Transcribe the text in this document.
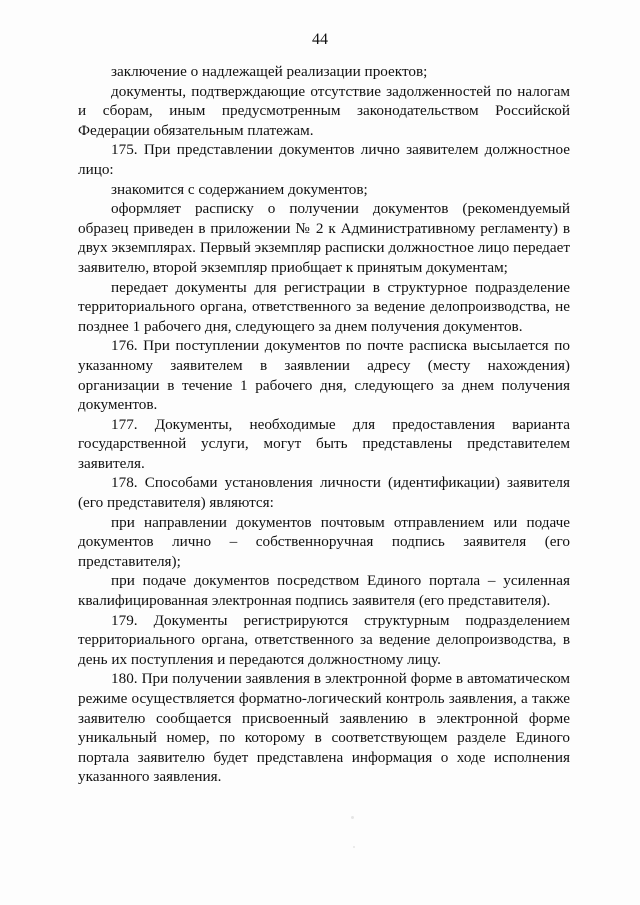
44

заключение о надлежащей реализации проектов;

документы, подтверждающие отсутствие задолженностей по налогам и сборам, иным предусмотренным законодательством Российской Федерации обязательным платежам.

175. При представлении документов лично заявителем должностное лицо:

знакомится с содержанием документов;

оформляет расписку о получении документов (рекомендуемый образец приведен в приложении № 2 к Административному регламенту) в двух экземплярах. Первый экземпляр расписки должностное лицо передает заявителю, второй экземпляр приобщает к принятым документам;

передает документы для регистрации в структурное подразделение территориального органа, ответственного за ведение делопроизводства, не позднее 1 рабочего дня, следующего за днем получения документов.

176. При поступлении документов по почте расписка высылается по указанному заявителем в заявлении адресу (месту нахождения) организации в течение 1 рабочего дня, следующего за днем получения документов.

177. Документы, необходимые для предоставления варианта государственной услуги, могут быть представлены представителем заявителя.

178. Способами установления личности (идентификации) заявителя (его представителя) являются:

при направлении документов почтовым отправлением или подаче документов лично – собственноручная подпись заявителя (его представителя);

при подаче документов посредством Единого портала – усиленная квалифицированная электронная подпись заявителя (его представителя).

179. Документы регистрируются структурным подразделением территориального органа, ответственного за ведение делопроизводства, в день их поступления и передаются должностному лицу.

180. При получении заявления в электронной форме в автоматическом режиме осуществляется форматно-логический контроль заявления, а также заявителю сообщается присвоенный заявлению в электронной форме уникальный номер, по которому в соответствующем разделе Единого портала заявителю будет представлена информация о ходе исполнения указанного заявления.
